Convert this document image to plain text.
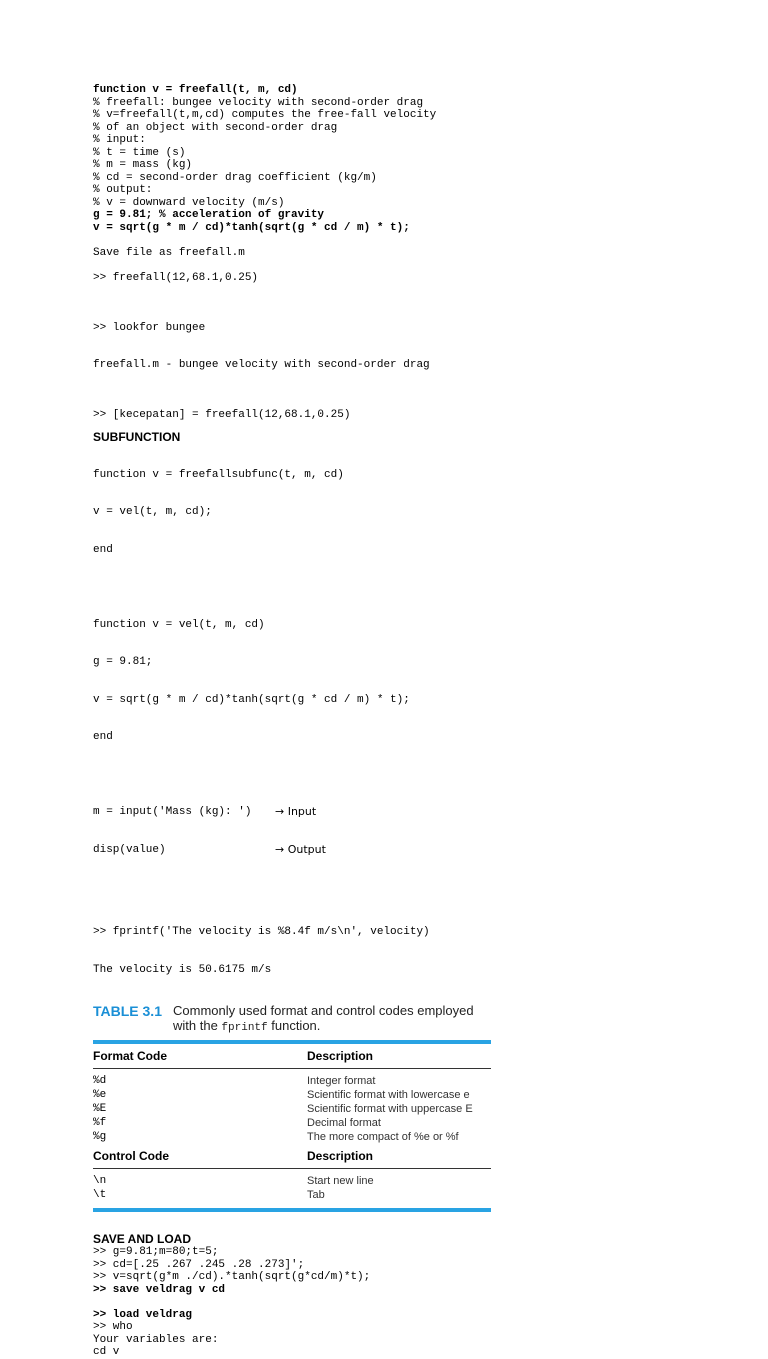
function v = freefall(t, m, cd)
% freefall: bungee velocity with second-order drag
% v=freefall(t,m,cd) computes the free-fall velocity
% of an object with second-order drag
% input:
% t = time (s)
% m = mass (kg)
% cd = second-order drag coefficient (kg/m)
% output:
% v = downward velocity (m/s)
g = 9.81; % acceleration of gravity
v = sqrt(g * m / cd)*tanh(sqrt(g * cd / m) * t);
Save file as freefall.m
>> freefall(12,68.1,0.25)

>> lookfor bungee

freefall.m - bungee velocity with second-order drag

>> [kecepatan] = freefall(12,68.1,0.25)
SUBFUNCTION

function v = freefallsubfunc(t, m, cd)

v = vel(t, m, cd);

end

function v = vel(t, m, cd)

g = 9.81;

v = sqrt(g * m / cd)*tanh(sqrt(g * cd / m) * t);

end

m = input('Mass (kg): ')	→ Input

disp(value)	→ Output

>> fprintf('The velocity is %8.4f m/s\n', velocity)

The velocity is 50.6175 m/s

TABLE 3.1 Commonly used format and control codes employed
with the fprintf function.
Format Code	Description
%d	Integer format
%e	Scientific format with lowercase e
%E	Scientific format with uppercase E
%f	Decimal format
%g	The more compact of %e or %f
Control Code	Description
\n	Start new line
\t	Tab
SAVE AND LOAD
>> g=9.81;m=80;t=5;
>> cd=[.25 .267 .245 .28 .273]';
>> v=sqrt(g*m ./cd).*tanh(sqrt(g*cd/m)*t);
>> save veldrag v cd
>> load veldrag
>> who
Your variables are:
cd v
